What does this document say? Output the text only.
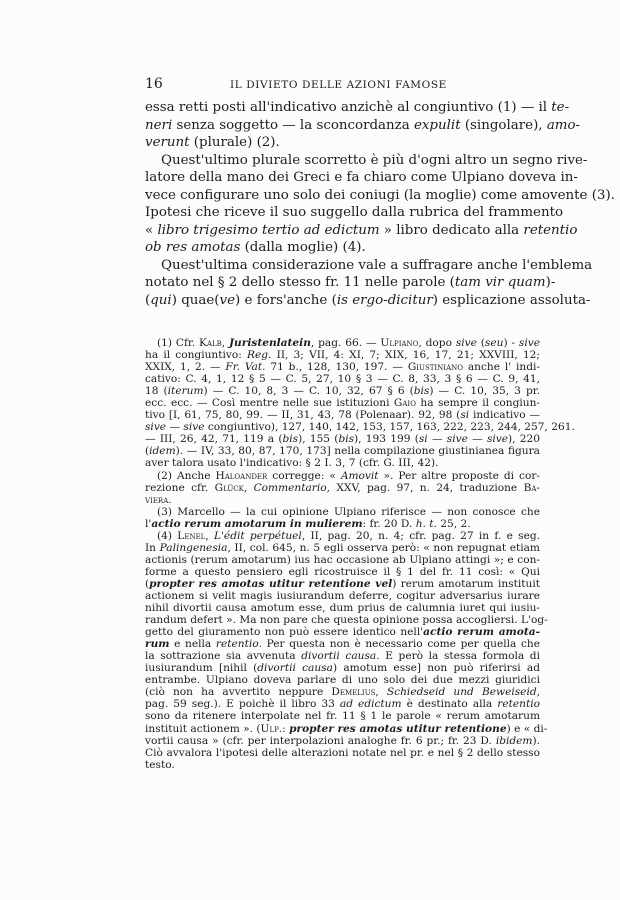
16	IL DIVIETO DELLE AZIONI FAMOSE
essa retti posti all'indicativo anzichè al congiuntivo (1) — il te-
neri senza soggetto — la sconcordanza expulit (singolare), amo-
verunt (plurale) (2).
Quest'ultimo plurale scorretto è più d'ogni altro un segno rive-
latore della mano dei Greci e fa chiaro come Ulpiano doveva in-
vece configurare uno solo dei coniugi (la moglie) come amovente (3).
Ipotesi che riceve il suo suggello dalla rubrica del frammento
« libro trigesimo tertio ad edictum » libro dedicato alla retentio
ob res amotas (dalla moglie) (4).
Quest'ultima considerazione vale a suffragare anche l'emblema
notato nel § 2 dello stesso fr. 11 nelle parole (tam vir quam)-
(qui) quae(ve) e fors'anche (is ergo-dicitur) esplicazione assoluta-
(1) Cfr. Kalb, Juristenlatein, pag. 66. — Ulpiano, dopo sive (seu) - sive
ha il congiuntivo: Reg. II, 3; VII, 4: XI, 7; XIX, 16, 17, 21; XXVIII, 12;
XXIX, 1, 2. — Fr. Vat. 71 b., 128, 130, 197. — Giustiniano anche l' indi-
cativo: C. 4, 1, 12 § 5 — C. 5, 27, 10 § 3 — C. 8, 33, 3 § 6 — C. 9, 41,
18 (iterum) — C. 10, 8, 3 — C. 10, 32, 67 § 6 (bis) — C. 10, 35, 3 pr.
ecc. ecc. — Così mentre nelle sue istituzioni Gaio ha sempre il congiun-
tivo [I, 61, 75, 80, 99. — II, 31, 43, 78 (Polenaar). 92, 98 (si indicativo —
sive — sive congiuntivo), 127, 140, 142, 153, 157, 163, 222, 223, 244, 257, 261.
— III, 26, 42, 71, 119 a (bis), 155 (bis), 193 199 (si — sive — sive), 220
(idem). — IV, 33, 80, 87, 170, 173] nella compilazione giustinianea figura
aver talora usato l'indicativo: § 2 I. 3, 7 (cfr. G. III, 42).
(2) Anche Haloander corregge: « Amovit ». Per altre proposte di cor-
rezione cfr. Glück, Commentario, XXV, pag. 97, n. 24, traduzione Ba-
viera.
(3) Marcello — la cui opinione Ulpiano riferisce — non conosce che
l'actio rerum amotarum in mulierem: fr. 20 D. h. t. 25, 2.
(4) Lenel, L'édit perpétuel, II, pag. 20, n. 4; cfr. pag. 27 in f. e seg.
In Palingenesia, II, col. 645, n. 5 egli osserva però: « non repugnat etiam
actionis (rerum amotarum) ius hac occasione ab Ulpiano attingi »; e con-
forme a questo pensiero egli ricostruisce il § 1 del fr. 11 così: « Qui
(propter res amotas utitur retentione vel) rerum amotarum instituit
actionem si velit magis iusiurandum deferre, cogitur adversarius iurare
nihil divortii causa amotum esse, dum prius de calumnia iuret qui iusiu-
randum defert ». Ma non pare che questa opinione possa accogliersi. L'og-
getto del giuramento non può essere identico nell'actio rerum amota-
rum e nella retentio. Per questa non è necessario come per quella che
la sottrazione sia avvenuta divortii causa. E però la stessa formola di
iusiurandum [nihil (divortii causa) amotum esse] non può riferirsi ad
entrambe. Ulpiano doveva parlare di uno solo dei due mezzi giuridici
(ciò non ha avvertito neppure Demelius, Schiedseid und Beweiseid,
pag. 59 seg.). E poichè il libro 33 ad edictum è destinato alla retentio
sono da ritenere interpolate nel fr. 11 § 1 le parole « rerum amotarum
instituit actionem ». (Ulp.: propter res amotas utitur retentione) e « di-
vortii causa » (cfr. per interpolazioni analoghe fr. 6 pr.; fr. 23 D. ibidem).
Ciò avvalora l'ipotesi delle alterazioni notate nel pr. e nel § 2 dello stesso
testo.
